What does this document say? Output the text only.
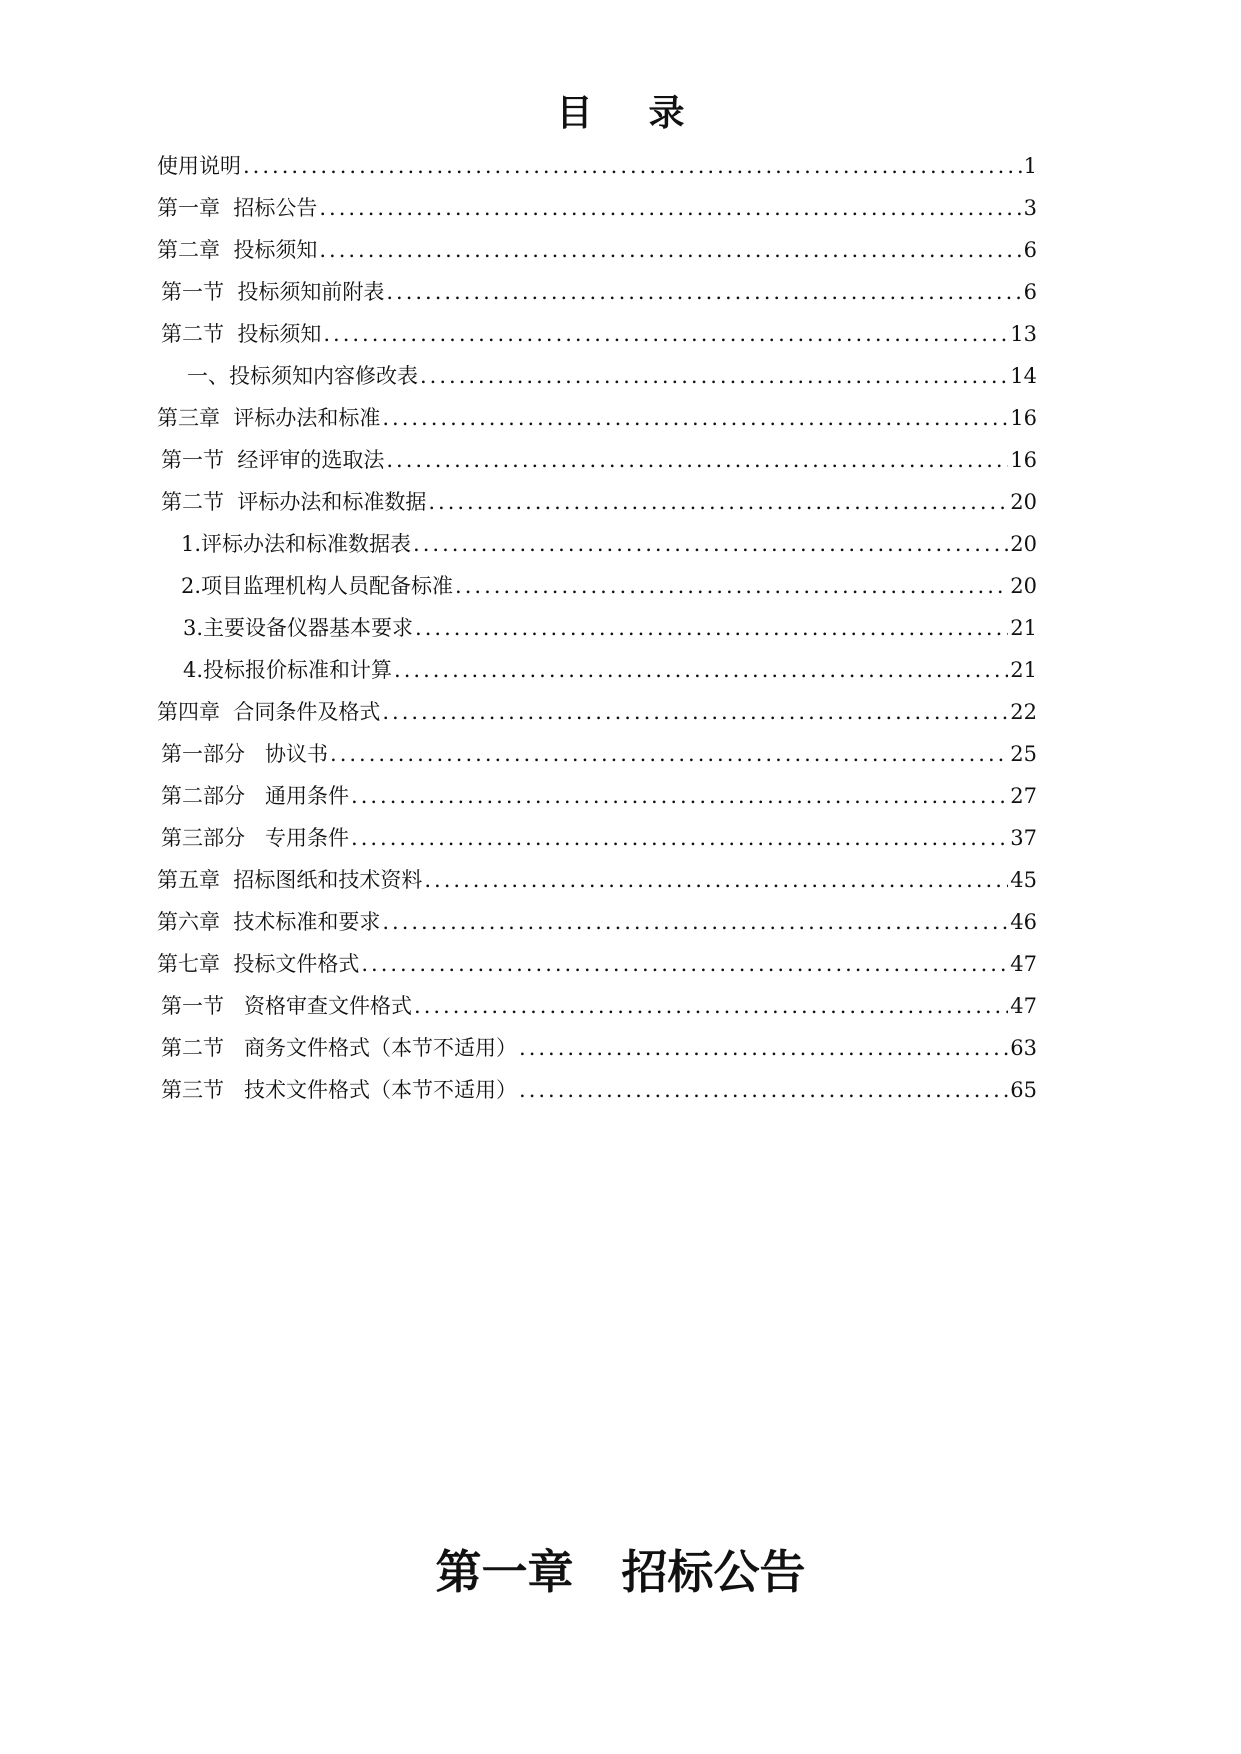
目录
使用说明 .....	1
第一章  招标公告 .....	3
第二章  投标须知 .....	6
第一节  投标须知前附表 .....	6
第二节  投标须知 .....	13
一、投标须知内容修改表 .....	14
第三章  评标办法和标准 .....	16
第一节  经评审的选取法 .....	16
第二节  评标办法和标准数据 .....	20
1.评标办法和标准数据表 .....	20
2.项目监理机构人员配备标准 .....	20
3.主要设备仪器基本要求 .....	21
4.投标报价标准和计算 .....	21
第四章  合同条件及格式 .....	22
第一部分   协议书 .....	25
第二部分   通用条件 .....	27
第三部分   专用条件 .....	37
第五章  招标图纸和技术资料 .....	45
第六章  技术标准和要求 .....	46
第七章  投标文件格式 .....	47
第一节   资格审查文件格式 .....	47
第二节   商务文件格式（本节不适用） .....	63
第三节   技术文件格式（本节不适用） .....	65
第一章   招标公告
